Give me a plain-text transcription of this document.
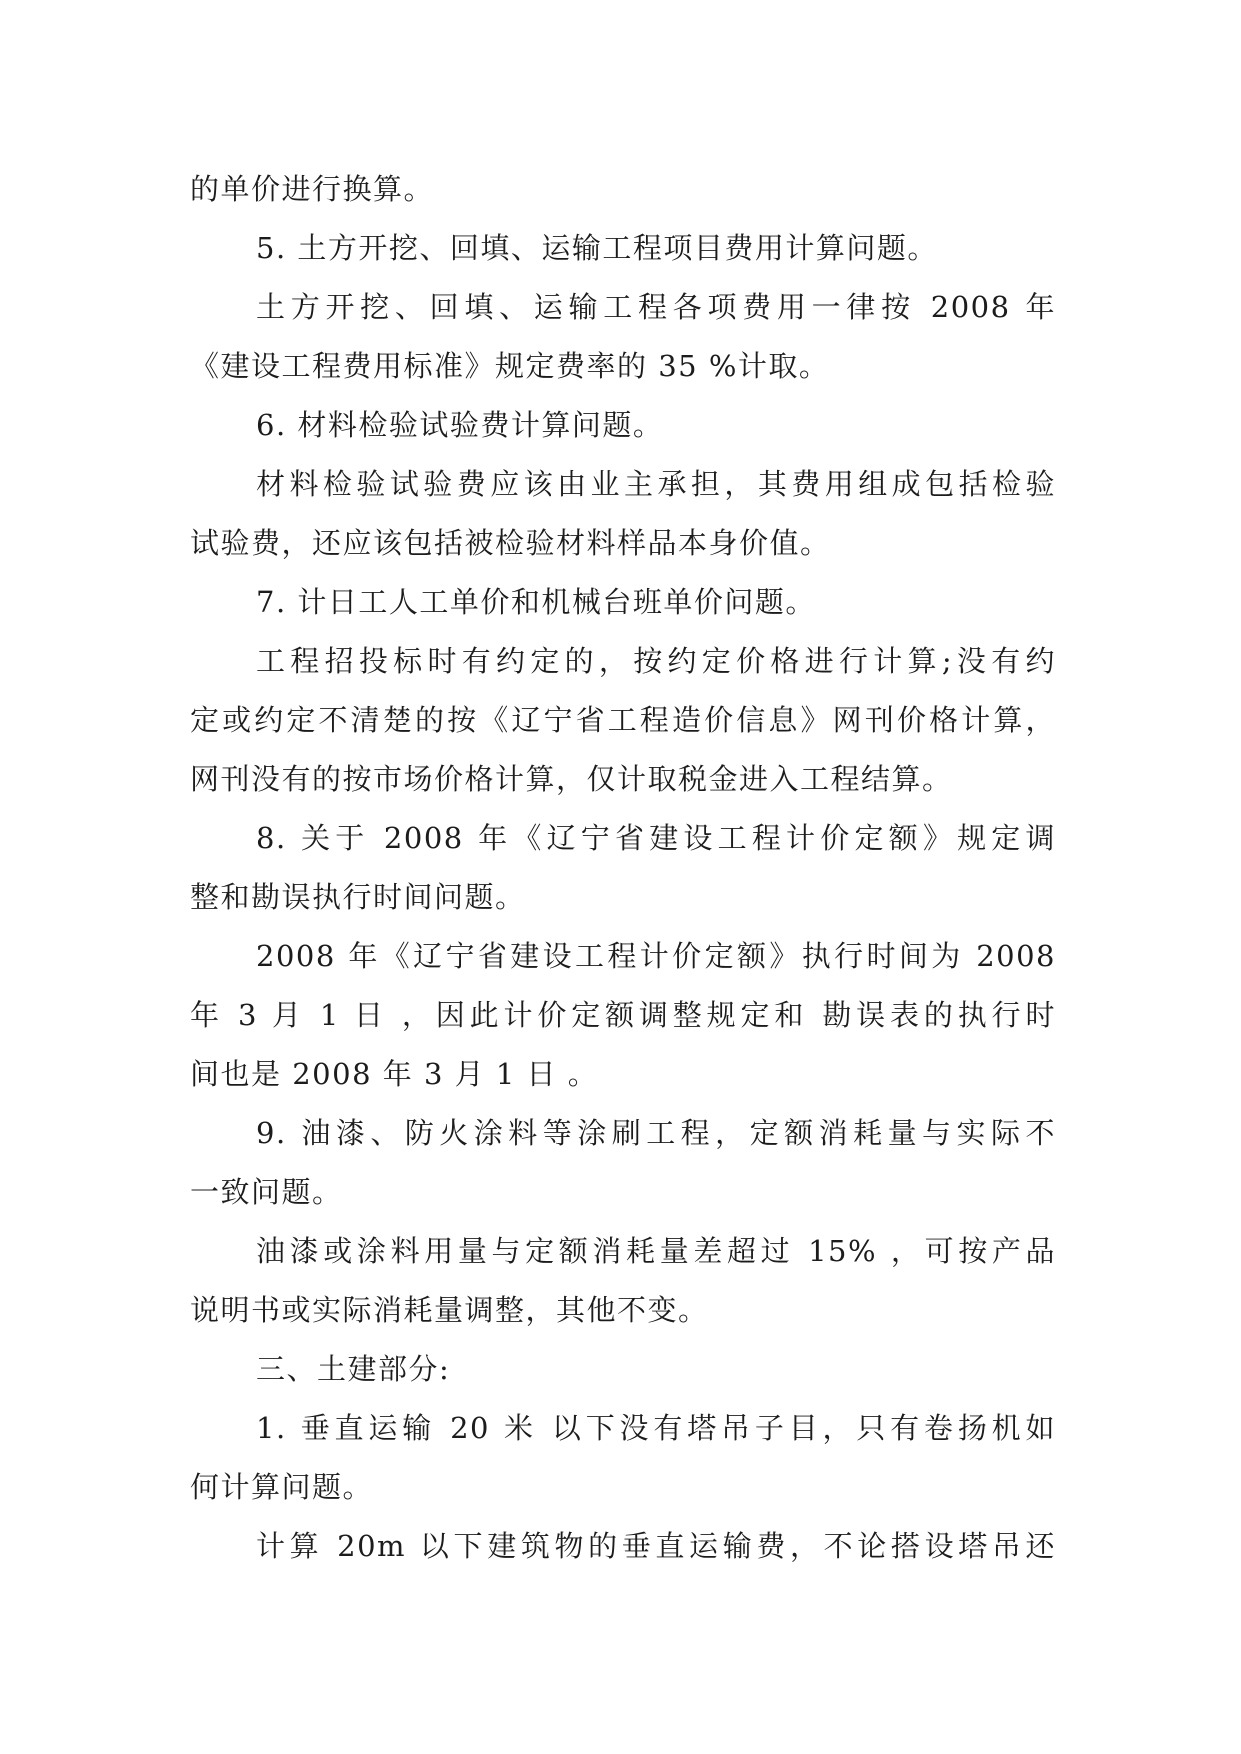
的单价进行换算。
5. 土方开挖、回填、运输工程项目费用计算问题。
土方开挖、回填、运输工程各项费用一律按 2008 年
《建设工程费用标准》规定费率的 35 %计取。
6. 材料检验试验费计算问题。
材料检验试验费应该由业主承担，其费用组成包括检验
试验费，还应该包括被检验材料样品本身价值。
7. 计日工人工单价和机械台班单价问题。
工程招投标时有约定的，按约定价格进行计算;没有约
定或约定不清楚的按《辽宁省工程造价信息》网刊价格计算，
网刊没有的按市场价格计算，仅计取税金进入工程结算。
8. 关于 2008 年《辽宁省建设工程计价定额》规定调
整和勘误执行时间问题。
2008 年《辽宁省建设工程计价定额》执行时间为 2008
年 3 月 1 日 ，因此计价定额调整规定和 勘误表的执行时
间也是 2008 年 3 月 1 日 。
9. 油漆、防火涂料等涂刷工程，定额消耗量与实际不
一致问题。
油漆或涂料用量与定额消耗量差超过 15% ，可按产品
说明书或实际消耗量调整，其他不变。
三、土建部分:
1. 垂直运输 20 米 以下没有塔吊子目，只有卷扬机如
何计算问题。
计算 20m 以下建筑物的垂直运输费，不论搭设塔吊还
